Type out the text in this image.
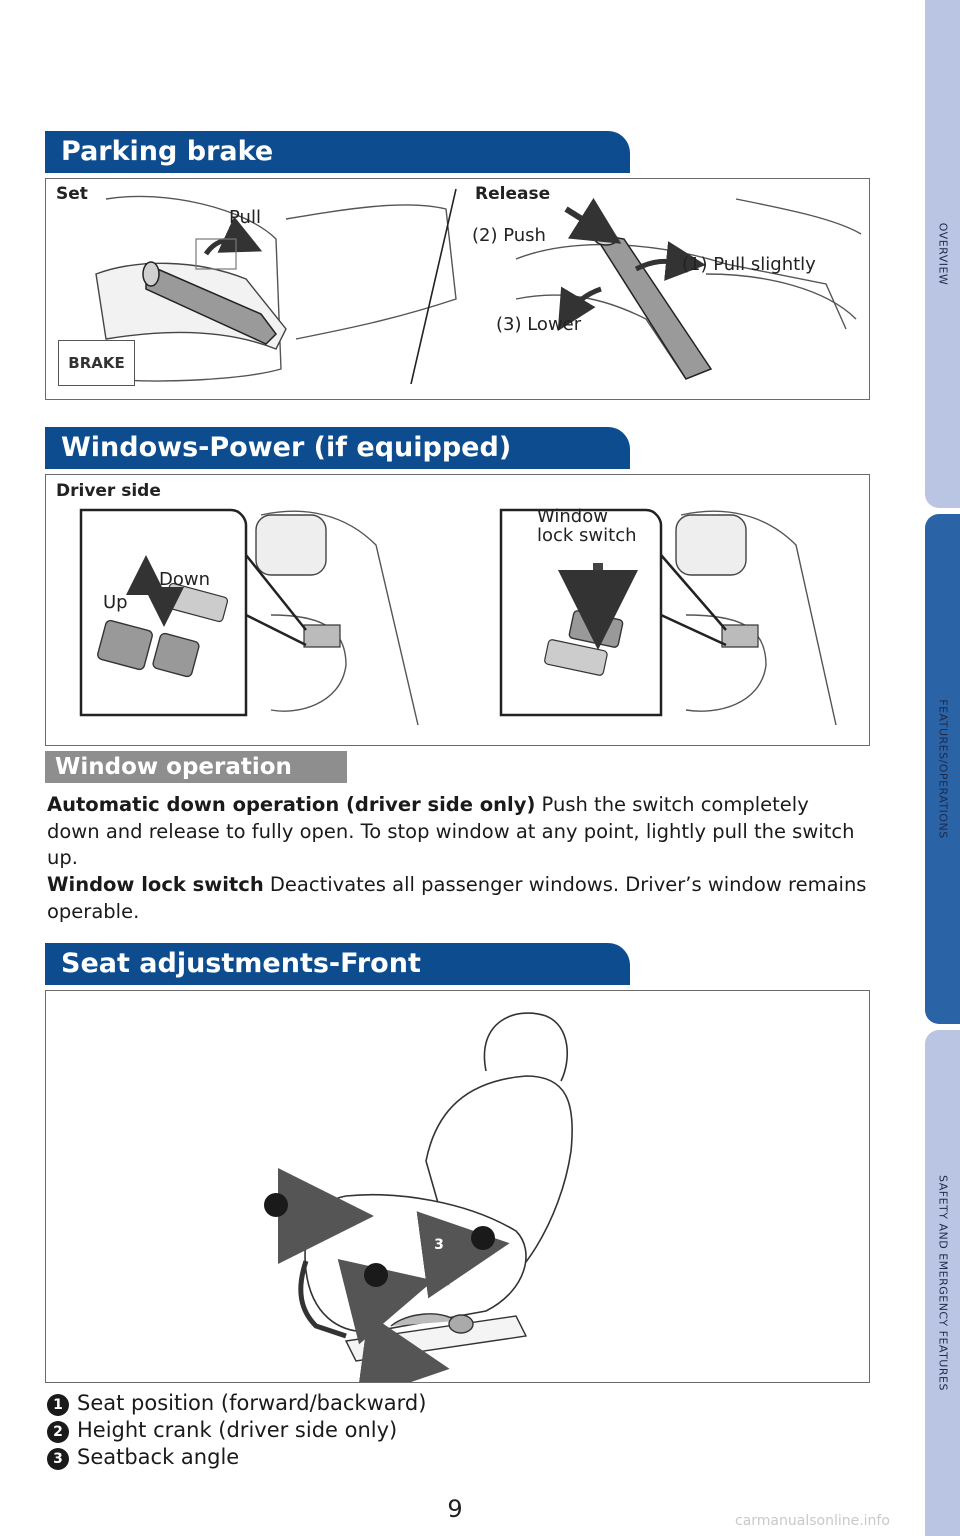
OVERVIEW
FEATURES/OPERATIONS
SAFETY AND EMERGENCY FEATURES
Parking brake
Set
Pull
Release
(2) Push
(1) Pull slightly
(3) Lower
BRAKE
Windows-Power (if equipped)
Driver side
Down
Up
Window
lock switch
Window operation
Automatic down operation (driver side only) Push the switch completely down and release to fully open. To stop window at any point, lightly pull the switch up.
Window lock switch Deactivates all passenger windows. Driver’s window remains operable.
Seat adjustments-Front
1
2
3
1 Seat position (forward/backward)
2 Height crank (driver side only)
3 Seatback angle
9	carmanualsonline.info
